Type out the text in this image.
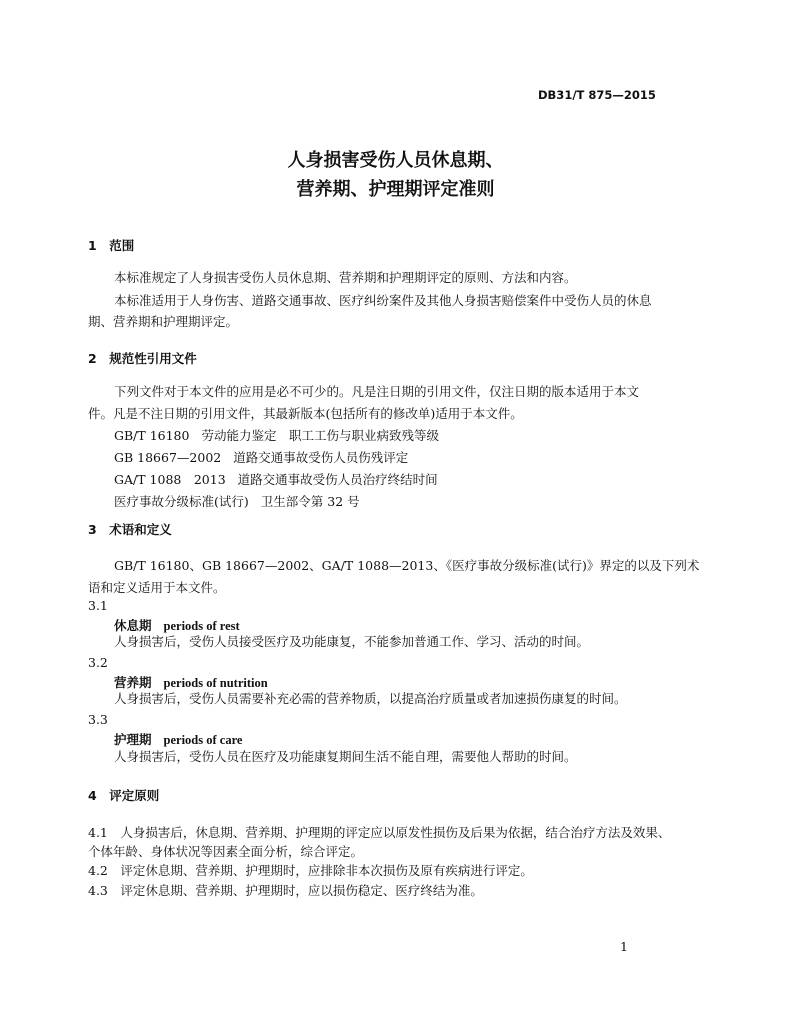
DB31/T 875—2015
人身损害受伤人员休息期、
营养期、护理期评定准则
1 范围
本标准规定了人身损害受伤人员休息期、营养期和护理期评定的原则、方法和内容。
本标准适用于人身伤害、道路交通事故、医疗纠纷案件及其他人身损害赔偿案件中受伤人员的休息
期、营养期和护理期评定。
2 规范性引用文件
下列文件对于本文件的应用是必不可少的。凡是注日期的引用文件，仅注日期的版本适用于本文
件。凡是不注日期的引用文件，其最新版本(包括所有的修改单)适用于本文件。
GB/T 16180 劳动能力鉴定　职工工伤与职业病致残等级
GB 18667—2002 道路交通事故受伤人员伤残评定
GA/T 1088 2013 道路交通事故受伤人员治疗终结时间
医疗事故分级标准(试行) 卫生部令第 32 号
3 术语和定义
GB/T 16180、GB 18667—2002、GA/T 1088—2013、《医疗事故分级标准(试行)》界定的以及下列术
语和定义适用于本文件。
3.1
休息期 periods of rest
人身损害后，受伤人员接受医疗及功能康复，不能参加普通工作、学习、活动的时间。
3.2
营养期 periods of nutrition
人身损害后，受伤人员需要补充必需的营养物质，以提高治疗质量或者加速损伤康复的时间。
3.3
护理期 periods of care
人身损害后，受伤人员在医疗及功能康复期间生活不能自理，需要他人帮助的时间。
4 评定原则
4.1 人身损害后，休息期、营养期、护理期的评定应以原发性损伤及后果为依据，结合治疗方法及效果、
个体年龄、身体状况等因素全面分析，综合评定。
4.2 评定休息期、营养期、护理期时，应排除非本次损伤及原有疾病进行评定。
4.3 评定休息期、营养期、护理期时，应以损伤稳定、医疗终结为准。
1
